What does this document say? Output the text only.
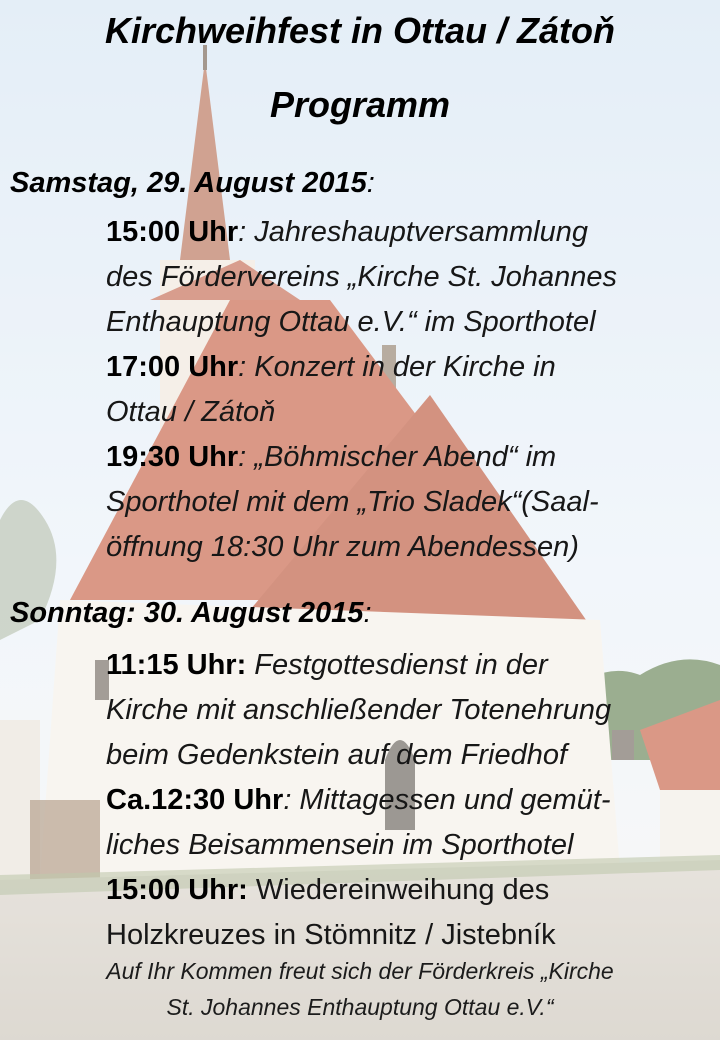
Kirchweihfest in Ottau / Zátoň
Programm
Samstag, 29. August 2015:
15:00 Uhr: Jahreshauptversammlung
des Fördervereins „Kirche St. Johannes
Enthauptung Ottau e.V.“ im Sporthotel
17:00 Uhr: Konzert in der Kirche in
Ottau / Zátoň
19:30 Uhr: „Böhmischer Abend“ im
Sporthotel mit dem „Trio Sladek“(Saal-
öffnung 18:30 Uhr zum Abendessen)
Sonntag: 30. August 2015:
11:15 Uhr: Festgottesdienst in der
Kirche mit anschließender Totenehrung
beim Gedenkstein auf dem Friedhof
Ca.12:30 Uhr: Mittagessen und gemüt-
liches Beisammensein im Sporthotel
15:00 Uhr: Wiedereinweihung des
Holzkreuzes in Stömnitz / Jistebník
Auf Ihr Kommen freut sich der Förderkreis „Kirche
St. Johannes Enthauptung Ottau e.V.“
